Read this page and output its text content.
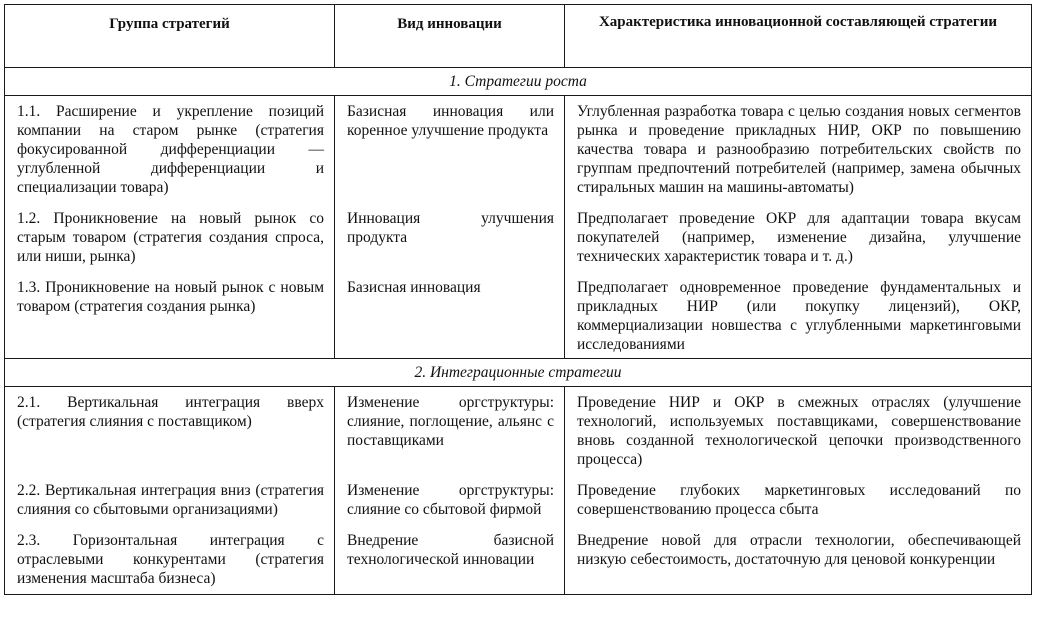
Группа стратегий	Вид инновации	Характеристика инновационной составляющей стратегии
1. Стратегии роста		
1.1. Расширение и укрепление позиций компании на старом рынке (стратегия фокусированной дифференциации — углубленной дифференциации и специализации товара)	Базисная инновация или коренное улучшение продукта	Углубленная разработка товара с целью создания новых сегментов рынка и проведение прикладных НИР, ОКР по повышению качества товара и разнообразию потребительских свойств по группам предпочтений потребителей (например, замена обычных стиральных машин на машины-автоматы)
1.2. Проникновение на новый рынок со старым товаром (стратегия создания спроса, или ниши, рынка)	Инновация улучшения продукта	Предполагает проведение ОКР для адаптации товара вкусам покупателей (например, изменение дизайна, улучшение технических характеристик товара и т. д.)
1.3. Проникновение на новый рынок с новым товаром (стратегия создания рынка)	Базисная инновация	Предполагает одновременное проведение фундаментальных и прикладных НИР (или покупку лицензий), ОКР, коммерциализации новшества с углубленными маркетинговыми исследованиями
2. Интеграционные стратегии		
2.1. Вертикальная интеграция вверх (стратегия слияния с поставщиком)	Изменение оргструктуры: слияние, поглощение, альянс с поставщиками	Проведение НИР и ОКР в смежных отраслях (улучшение технологий, используемых поставщиками, совершенствование вновь созданной технологической цепочки производственного процесса)
2.2. Вертикальная интеграция вниз (стратегия слияния со сбытовыми организациями)	Изменение оргструктуры: слияние со сбытовой фирмой	Проведение глубоких маркетинговых исследований по совершенствованию процесса сбыта
2.3. Горизонтальная интеграция с отраслевыми конкурентами (стратегия изменения масштаба бизнеса)	Внедрение базисной технологической инновации	Внедрение новой для отрасли технологии, обеспечивающей низкую себестоимость, достаточную для ценовой конкуренции
